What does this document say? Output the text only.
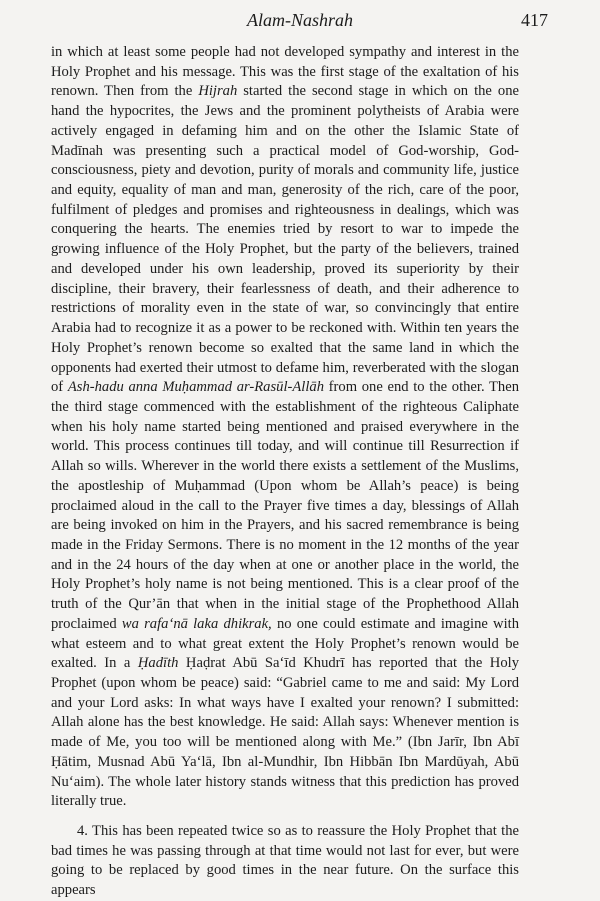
Alam-Nashrah	417

in which at least some people had not developed sympathy and interest in the Holy Prophet and his message. This was the first stage of the exaltation of his renown. Then from the Hijrah started the second stage in which on the one hand the hypocrites, the Jews and the prominent polytheists of Arabia were actively engaged in defaming him and on the other the Islamic State of Madīnah was presenting such a practical model of God-worship, God-consciousness, piety and devotion, purity of morals and community life, justice and equity, equality of man and man, generosity of the rich, care of the poor, fulfilment of pledges and promises and righteousness in dealings, which was conquering the hearts. The enemies tried by resort to war to impede the growing influence of the Holy Prophet, but the party of the believers, trained and developed under his own leadership, proved its superiority by their discipline, their bravery, their fearlessness of death, and their adherence to restrictions of morality even in the state of war, so convincingly that entire Arabia had to recognize it as a power to be reckoned with. Within ten years the Holy Prophet’s renown become so exalted that the same land in which the opponents had exerted their utmost to defame him, reverberated with the slogan of Ash-hadu anna Muḥammad ar-Rasūl-Allāh from one end to the other. Then the third stage commenced with the establishment of the righteous Caliphate when his holy name started being mentioned and praised everywhere in the world. This process continues till today, and will continue till Resurrection if Allah so wills. Wherever in the world there exists a settlement of the Muslims, the apostleship of Muḥammad (Upon whom be Allah’s peace) is being proclaimed aloud in the call to the Prayer five times a day, blessings of Allah are being invoked on him in the Prayers, and his sacred remembrance is being made in the Friday Sermons. There is no moment in the 12 months of the year and in the 24 hours of the day when at one or another place in the world, the Holy Prophet’s holy name is not being mentioned. This is a clear proof of the truth of the Qur’ān that when in the initial stage of the Prophethood Allah proclaimed wa rafa‘nā laka dhikrak, no one could estimate and imagine with what esteem and to what great extent the Holy Prophet’s renown would be exalted. In a Ḥadīth Ḥaḍrat Abū Sa‘īd Khudrī has reported that the Holy Prophet (upon whom be peace) said: “Gabriel came to me and said: My Lord and your Lord asks: In what ways have I exalted your renown? I submitted: Allah alone has the best knowledge. He said: Allah says: Whenever mention is made of Me, you too will be mentioned along with Me.” (Ibn Jarīr, Ibn Abī Ḥātim, Musnad Abū Ya‘lā, Ibn al-Mundhir, Ibn Hibbān Ibn Mardūyah, Abū Nu‘aim). The whole later history stands witness that this prediction has proved literally true.

4. This has been repeated twice so as to reassure the Holy Prophet that the bad times he was passing through at that time would not last for ever, but were going to be replaced by good times in the near future. On the surface this appears
